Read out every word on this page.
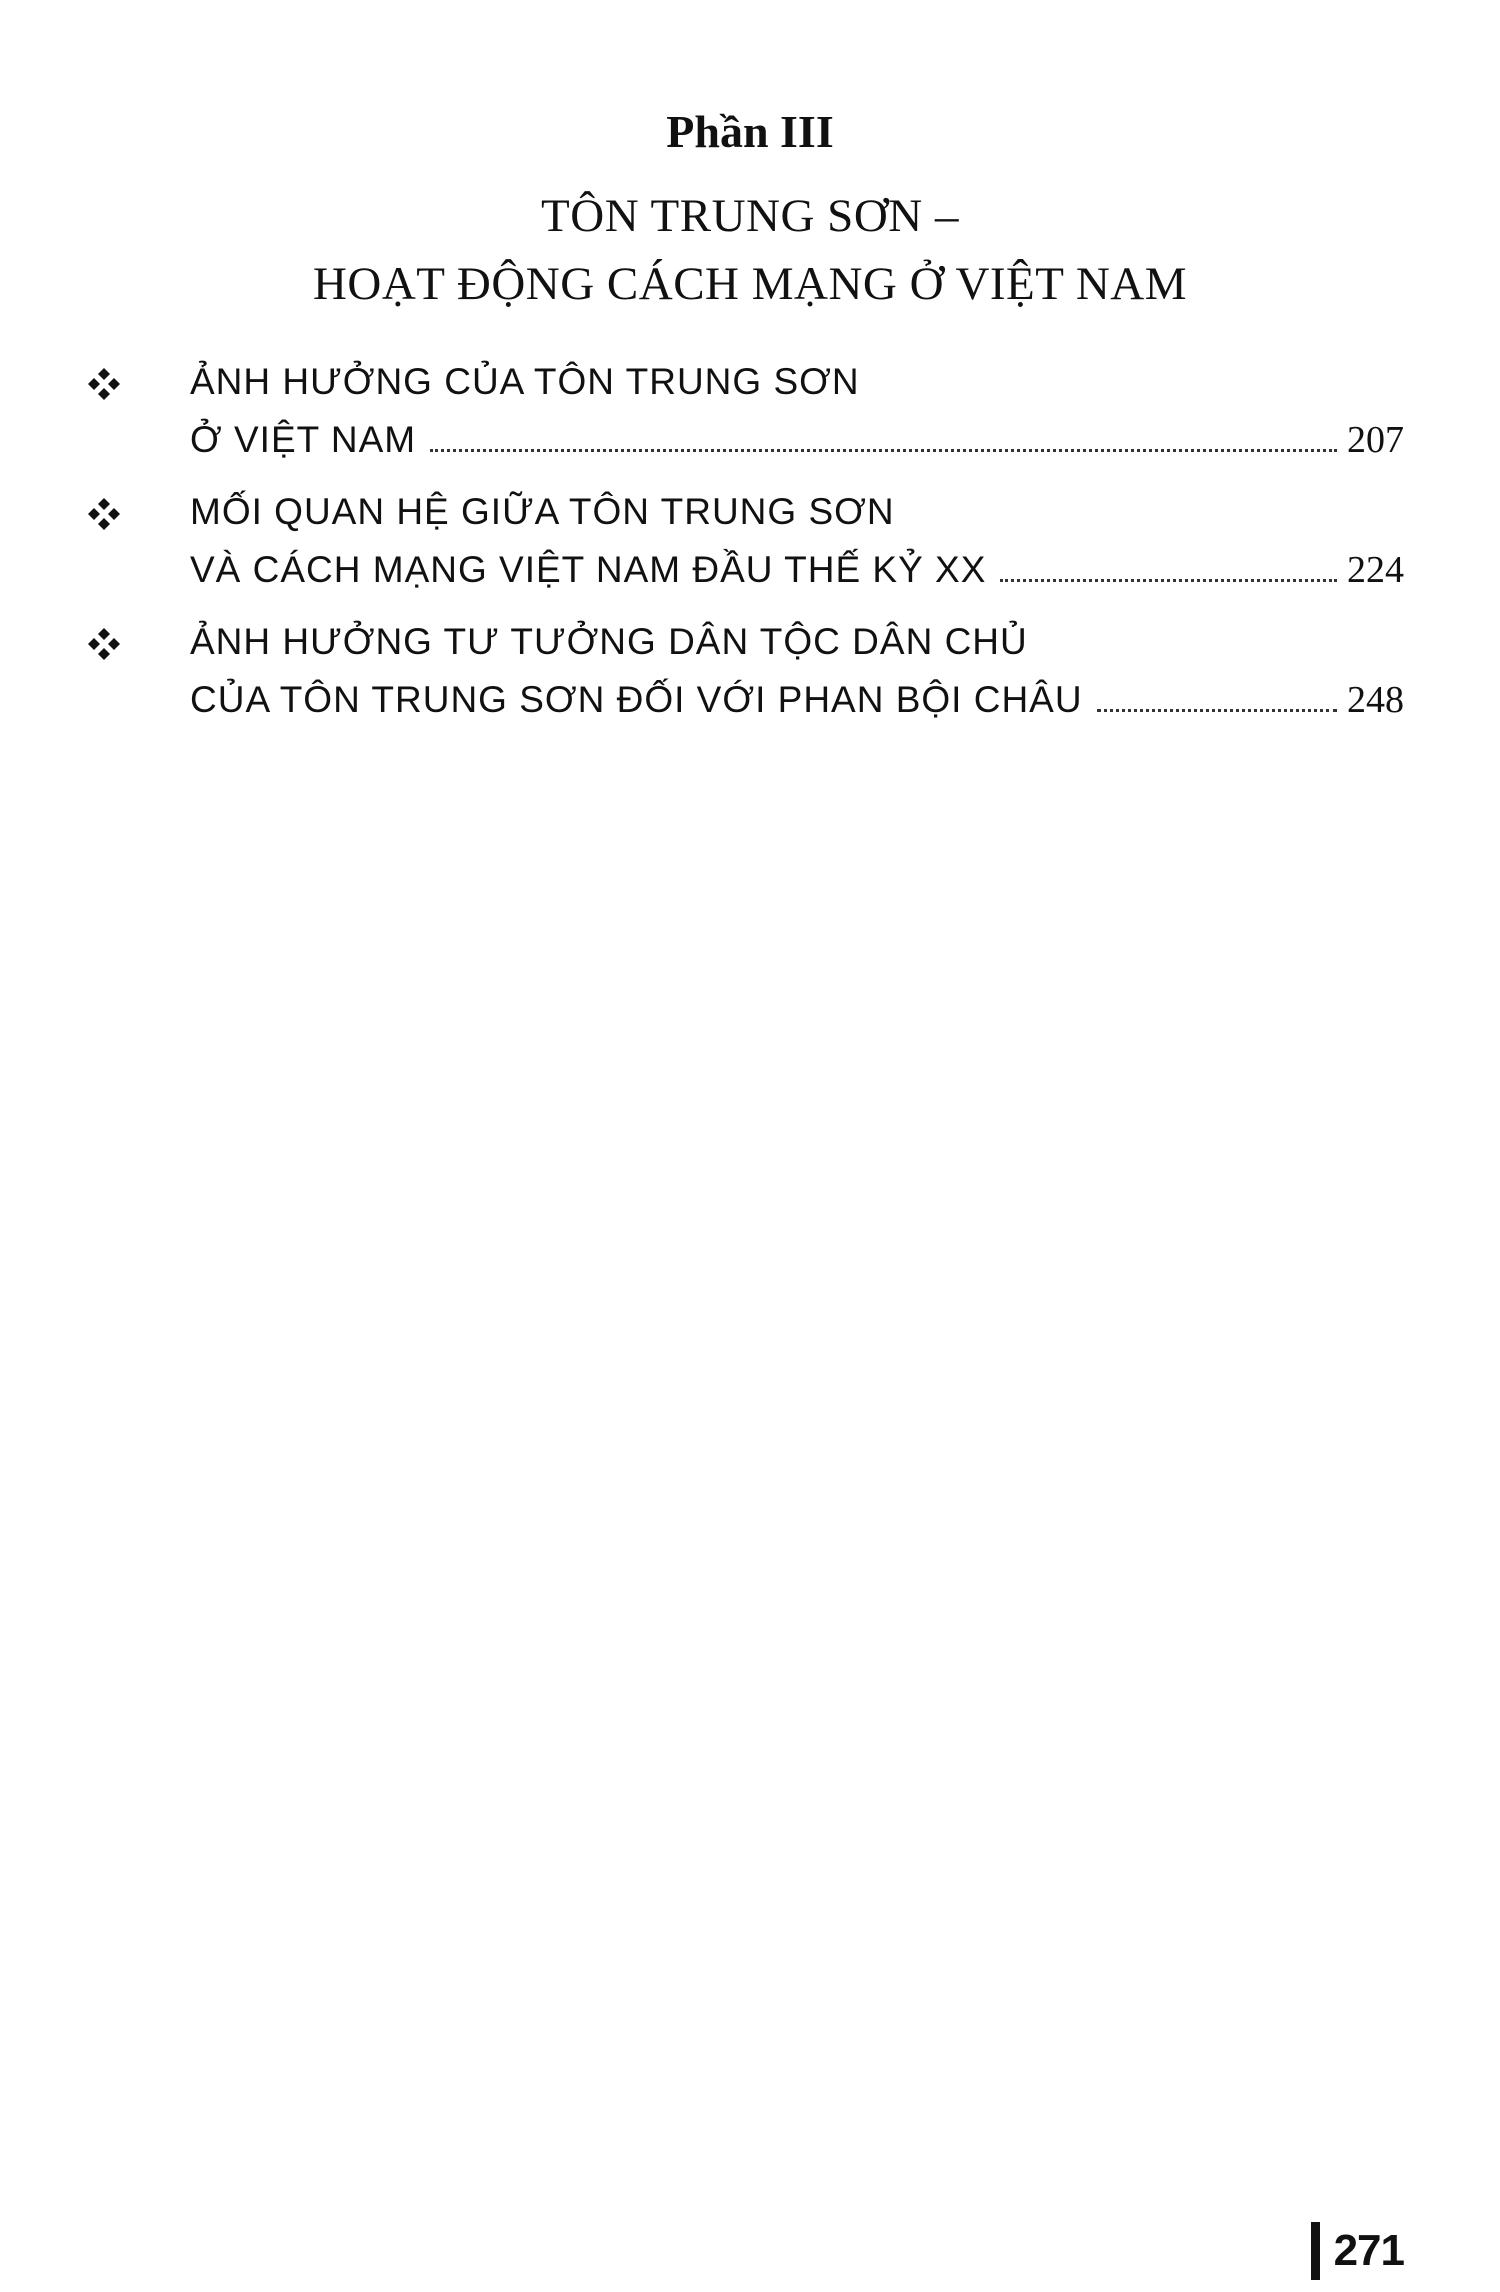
Phần III
TÔN TRUNG SƠN –
HOẠT ĐỘNG CÁCH MẠNG Ở VIỆT NAM
ẢNH HƯỞNG CỦA TÔN TRUNG SƠN
Ở VIỆT NAM	207
MỐI QUAN HỆ GIỮA TÔN TRUNG SƠN
VÀ CÁCH MẠNG VIỆT NAM ĐẦU THẾ KỶ XX	224
ẢNH HƯỞNG TƯ TƯỞNG DÂN TỘC DÂN CHỦ
CỦA TÔN TRUNG SƠN ĐỐI VỚI PHAN BỘI CHÂU	248
271
